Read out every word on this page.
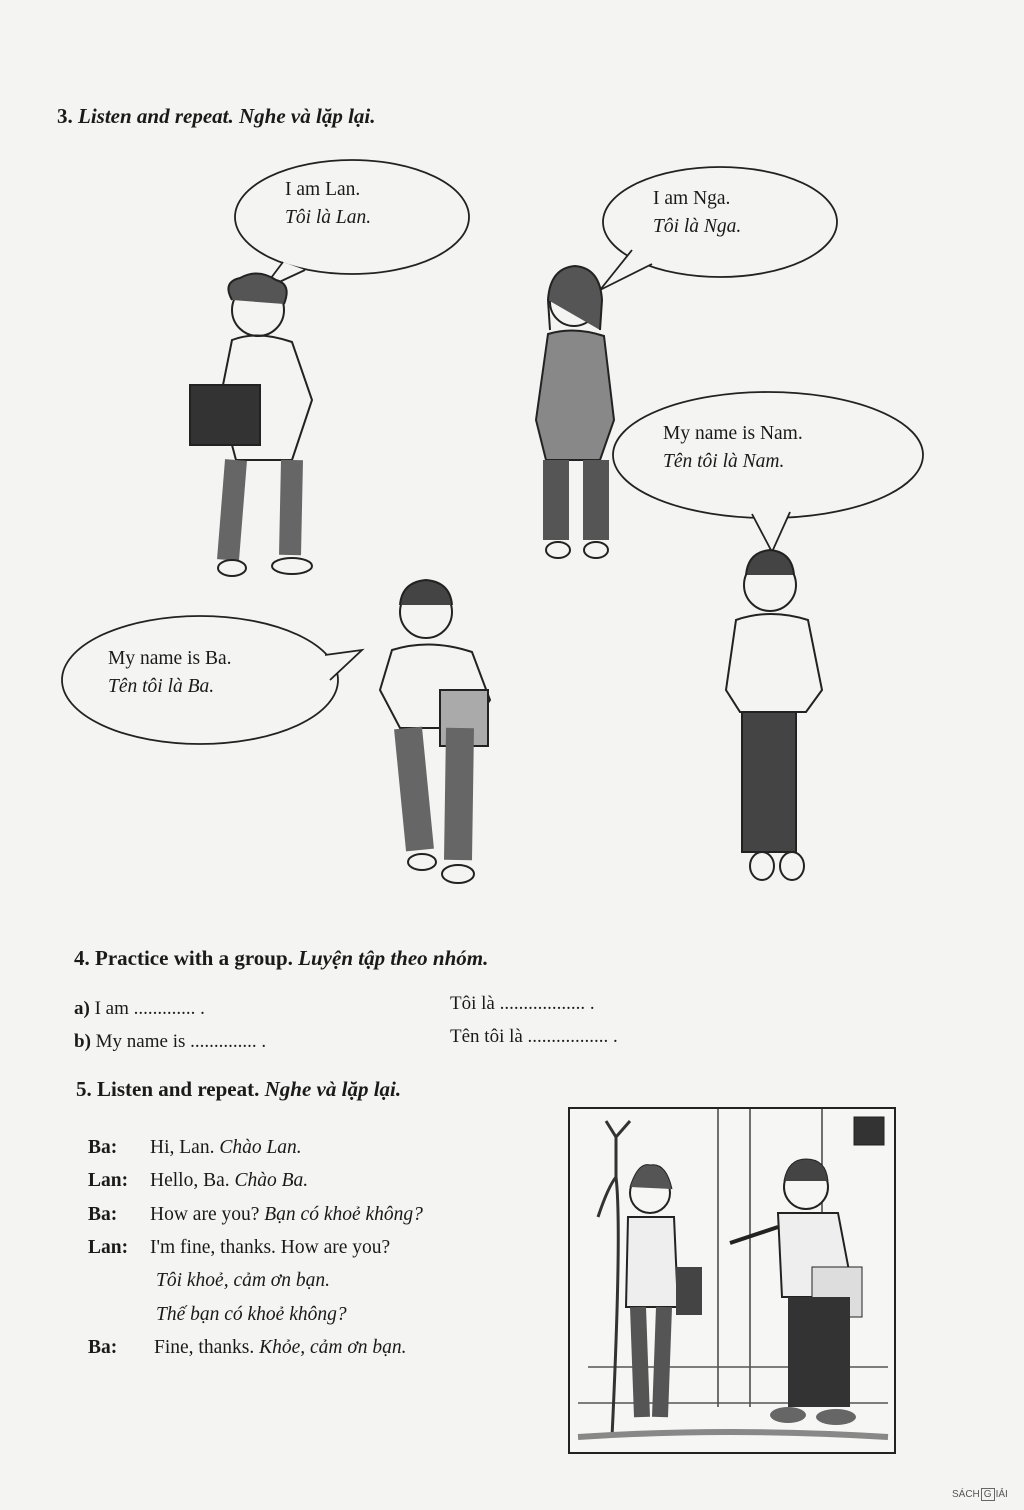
3. Listen and repeat. Nghe và lặp lại.
I am Lan.
Tôi là Lan.
I am Nga.
Tôi là Nga.
My name is Nam.
Tên tôi là Nam.
My name is Ba.
Tên tôi là Ba.
4. Practice with a group. Luyện tập theo nhóm.
a) I am ............. .	Tôi là .................. .
b) My name is .............. .	Tên tôi là ................. .
5. Listen and repeat. Nghe và lặp lại.
Ba: Hi, Lan. Chào Lan.
Lan: Hello, Ba. Chào Ba.
Ba: How are you? Bạn có khoẻ không?
Lan: I'm fine, thanks. How are you?
Tôi khoẻ, cảm ơn bạn.
Thế bạn có khoẻ không?
Ba: Fine, thanks. Khỏe, cảm ơn bạn.
SÁCH G IẢI
